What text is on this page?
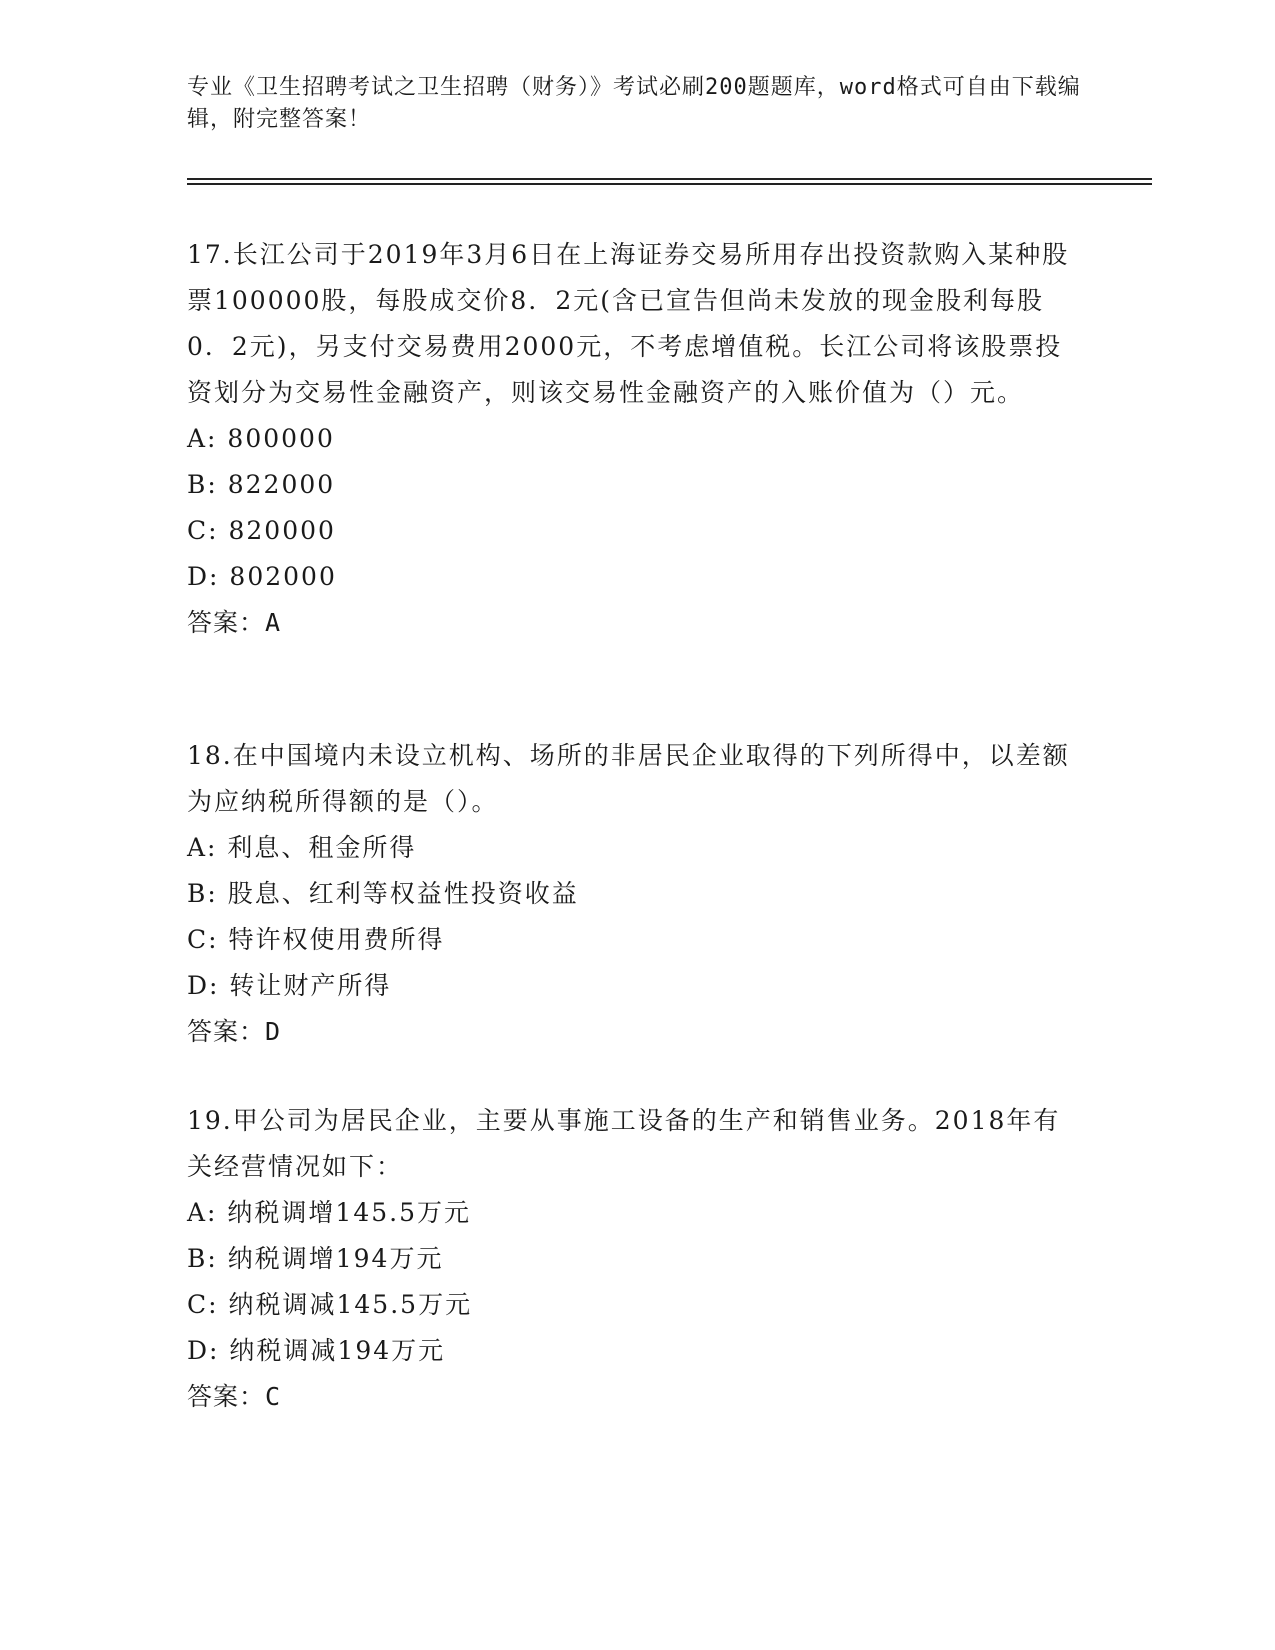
专业《卫生招聘考试之卫生招聘（财务）》考试必刷200题题库，word格式可自由下载编辑，附完整答案！
17.长江公司于2019年3月6日在上海证券交易所用存出投资款购入某种股票100000股，每股成交价8．2元(含已宣告但尚未发放的现金股利每股0．2元)，另支付交易费用2000元，不考虑增值税。长江公司将该股票投资划分为交易性金融资产，则该交易性金融资产的入账价值为（）元。
A: 800000
B: 822000
C: 820000
D: 802000
答案：A
18.在中国境内未设立机构、场所的非居民企业取得的下列所得中，以差额为应纳税所得额的是（）。
A: 利息、租金所得
B: 股息、红利等权益性投资收益
C: 特许权使用费所得
D: 转让财产所得
答案：D
19.甲公司为居民企业，主要从事施工设备的生产和销售业务。2018年有关经营情况如下：
A: 纳税调增145.5万元
B: 纳税调增194万元
C: 纳税调减145.5万元
D: 纳税调减194万元
答案：C
